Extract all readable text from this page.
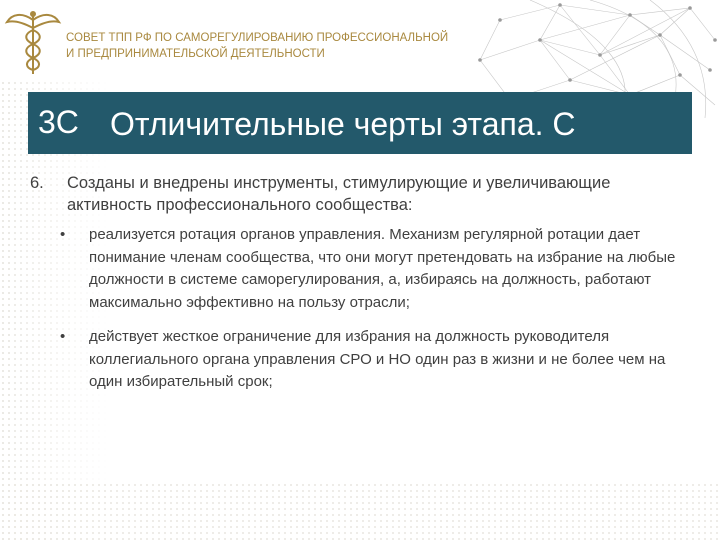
СОВЕТ ТПП РФ ПО САМОРЕГУЛИРОВАНИЮ ПРОФЕССИОНАЛЬНОЙ
И ПРЕДПРИНИМАТЕЛЬСКОЙ ДЕЯТЕЛЬНОСТИ
3С Отличительные черты этапа. С
6.	Созданы и внедрены инструменты, стимулирующие и увеличивающие активность профессионального сообщества:
• реализуется ротация органов управления. Механизм регулярной ротации дает понимание членам сообщества, что они могут претендовать на избрание на любые должности в системе саморегулирования, а, избираясь на должность, работают максимально эффективно на пользу отрасли;
• действует жесткое ограничение для избрания на должность руководителя коллегиального органа управления СРО и НО один раз в жизни и не более чем на один избирательный срок;
